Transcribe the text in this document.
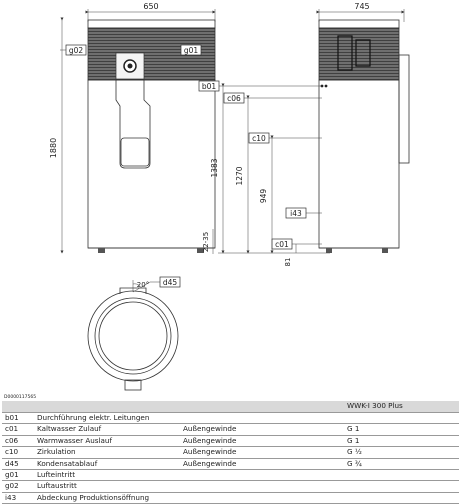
650
g02	g01
1880
22-35
745
b01
c06
c10
i43
c01
1383 1270
949
81
20° d45
D0000117565
			WWK-I 300 Plus
b01	Durchführung elektr. Leitungen		
c01	Kaltwasser Zulauf	Außengewinde	G 1
c06	Warmwasser Auslauf	Außengewinde	G 1
c10	Zirkulation	Außengewinde	G ½
d45	Kondensatablauf	Außengewinde	G ¾
g01	Lufteintritt		
g02	Luftaustritt		
i43	Abdeckung Produktionsöffnung		
